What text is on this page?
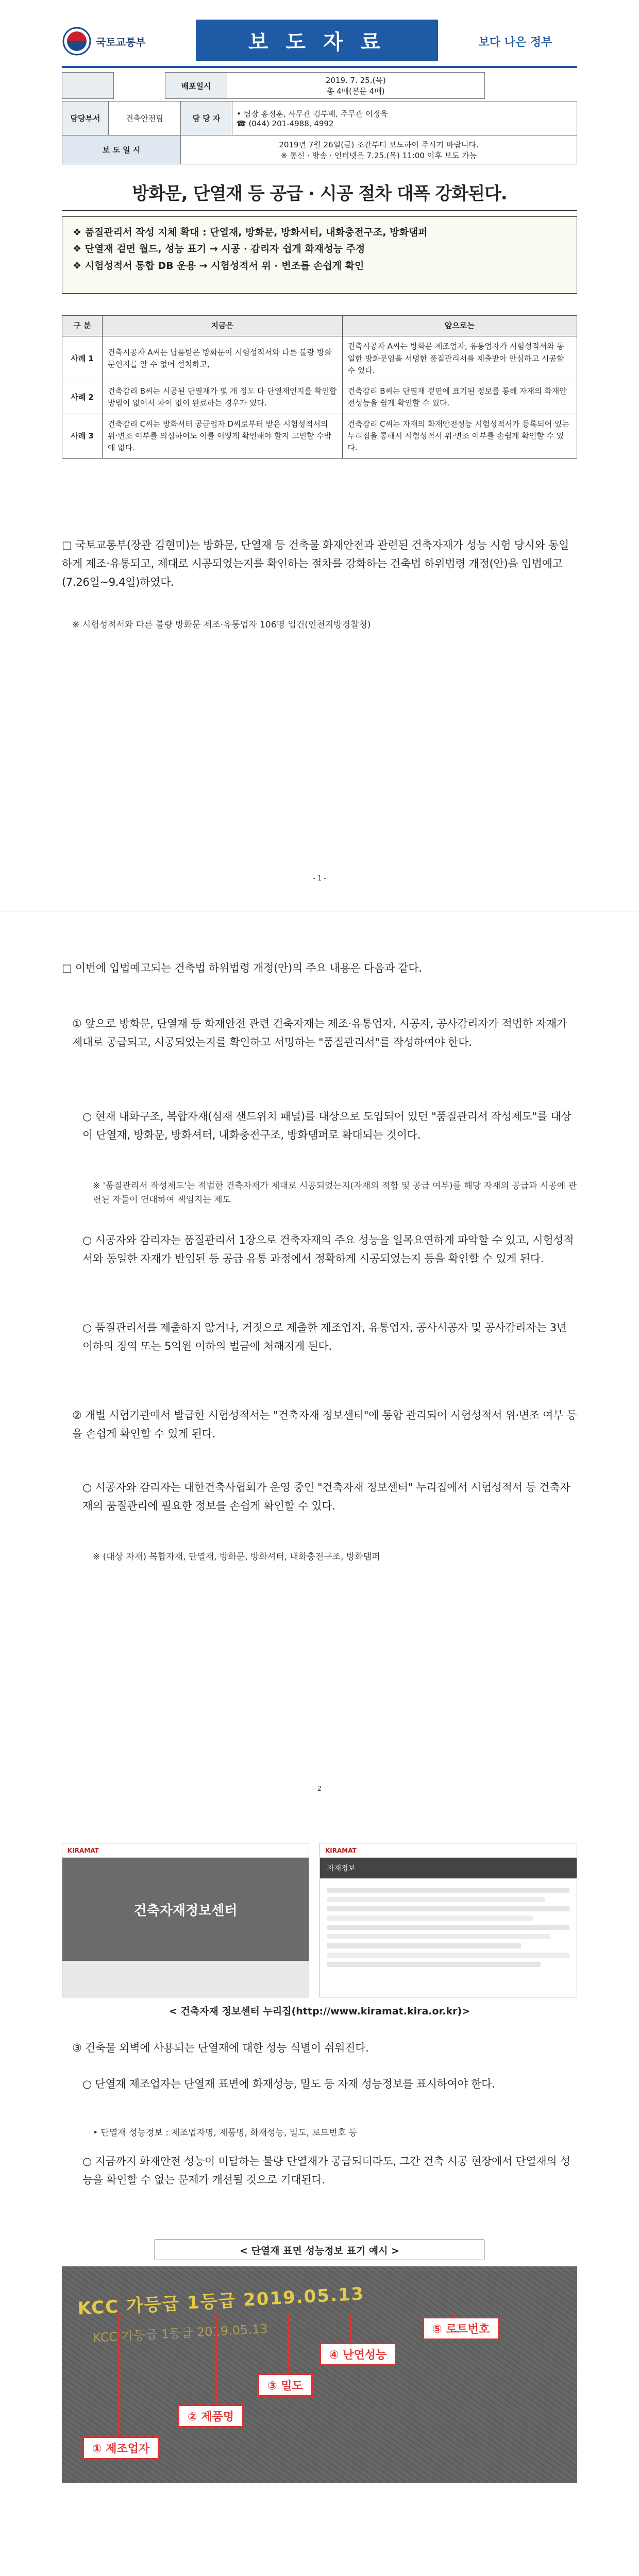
국토교통부	보 도 자 료	보다 나은 정부
		배포일시	2019. 7. 25.(목)
총 4매(본문 4매)	
담당부서	건축안전팀	담 당 자	• 팀장 홍정훈, 사무관 김부배, 주무관 이정욱
☎ (044) 201-4988, 4992
보 도 일 시		2019년 7월 26일(금) 조간부터 보도하여 주시기 바랍니다.
※ 통신 · 방송 · 인터넷은 7.25.(목) 11:00 이후 보도 가능	
방화문, 단열재 등 공급 · 시공 절차 대폭 강화된다.
❖ 품질관리서 작성 지체 확대 : 단열재, 방화문, 방화셔터, 내화충전구조, 방화댐퍼
❖ 단열재 겉면 월드, 성능 표기 → 시공 · 감리자 쉽게 화재성능 주정
❖ 시험성적서 통합 DB 운용 → 시험성적서 위 · 변조를 손쉽게 확인
구 분	지금은	앞으로는
사례 1	건축시공자 A씨는 납품받은 방화문이 시험성적서와 다른 불량 방화문인지를 알 수 없어 설치하고,	건축시공자 A씨는 방화문 제조업자, 유통업자가 시험성적서와 동일한 방화문임을 서명한 품질관리서를 제출받아 안심하고 시공할 수 있다.
사례 2	건축감리 B씨는 시공된 단열재가 몇 개 정도 다 단열재인지를 확인할 방법이 없어서 차이 없이 완료하는 경우가 있다.	건축감리 B씨는 단열재 겉면에 표기된 정보를 통해 자재의 화재안전성능을 쉽게 확인할 수 있다.
사례 3	건축감리 C씨는 방화셔터 공급업자 D씨로부터 받은 시험성적서의 위·변조 여부를 의심하여도 이를 어떻게 확인해야 할지 고민할 수밖에 없다.	건축감리 C씨는 자재의 화재안전성능 시험성적서가 등록되어 있는 누리집을 통해서 시험성적서 위·변조 여부를 손쉽게 확인할 수 있다.

□ 국토교통부(장관 김현미)는 방화문, 단열재 등 건축물 화재안전과 관련된 건축자재가 성능 시험 당시와 동일하게 제조·유통되고, 제대로 시공되었는지를 확인하는 절차를 강화하는 건축법 하위법령 개정(안)을 입법예고(7.26일~9.4일)하였다.

※ 시험성적서와 다른 불량 방화문 제조·유통업자 106명 입건(인천지방경찰청)
- 1 -

□ 이번에 입법예고되는 건축법 하위법령 개정(안)의 주요 내용은 다음과 같다.

① 앞으로 방화문, 단열재 등 화재안전 관련 건축자재는 제조·유통업자, 시공자, 공사감리자가 적법한 자재가 제대로 공급되고, 시공되었는지를 확인하고 서명하는 "품질관리서"를 작성하여야 한다.

○ 현재 내화구조, 복합자재(심재 샌드위치 패널)를 대상으로 도입되어 있던 "품질관리서 작성제도"를 대상이 단열재, 방화문, 방화셔터, 내화충전구조, 방화댐퍼로 확대되는 것이다.

※ '품질관리서 작성제도'는 적법한 건축자재가 제대로 시공되었는지(자재의 적합 및 공급 여부)를 해당 자재의 공급과 시공에 관련된 자들이 연대하여 책임지는 제도

○ 시공자와 감리자는 품질관리서 1장으로 건축자재의 주요 성능을 일목요연하게 파악할 수 있고, 시험성적서와 동일한 자재가 반입된 등 공급 유통 과정에서 정확하게 시공되었는지 등을 확인할 수 있게 된다.

○ 품질관리서를 제출하지 않거나, 거짓으로 제출한 제조업자, 유통업자, 공사시공자 및 공사감리자는 3년 이하의 징역 또는 5억원 이하의 벌금에 처해지게 된다.

② 개별 시험기관에서 발급한 시험성적서는 "건축자재 정보센터"에 통합 관리되어 시험성적서 위·변조 여부 등을 손쉽게 확인할 수 있게 된다.

○ 시공자와 감리자는 대한건축사협회가 운영 중인 "건축자재 정보센터" 누리집에서 시험성적서 등 건축자재의 품질관리에 필요한 정보를 손쉽게 확인할 수 있다.

※ (대상 자재) 복합자재, 단열재, 방화문, 방화셔터, 내화충전구조, 방화댐퍼
- 2 -
KIRAMAT
건축자재정보센터
KIRAMAT
자재정보
< 건축자재 정보센터 누리집(http://www.kiramat.kira.or.kr)>

③ 건축물 외벽에 사용되는 단열재에 대한 성능 식별이 쉬워진다.

○ 단열재 제조업자는 단열재 표면에 화재성능, 밀도 등 자재 성능정보를 표시하여야 한다.

• 단열재 성능정보 : 제조업자명, 제품명, 화재성능, 밀도, 로트번호 등

○ 지금까지 화재안전 성능이 미달하는 불량 단열재가 공급되더라도, 그간 건축 시공 현장에서 단열재의 성능을 확인할 수 없는 문제가 개선될 것으로 기대된다.

< 단열재 표면 성능정보 표기 예시 >
KCC 가등급 1등급 2019.05.13
KCC 가등급 1등급 2019.05.13
① 제조업자
② 제품명
③ 밀도
④ 난연성능
⑤ 로트번호
